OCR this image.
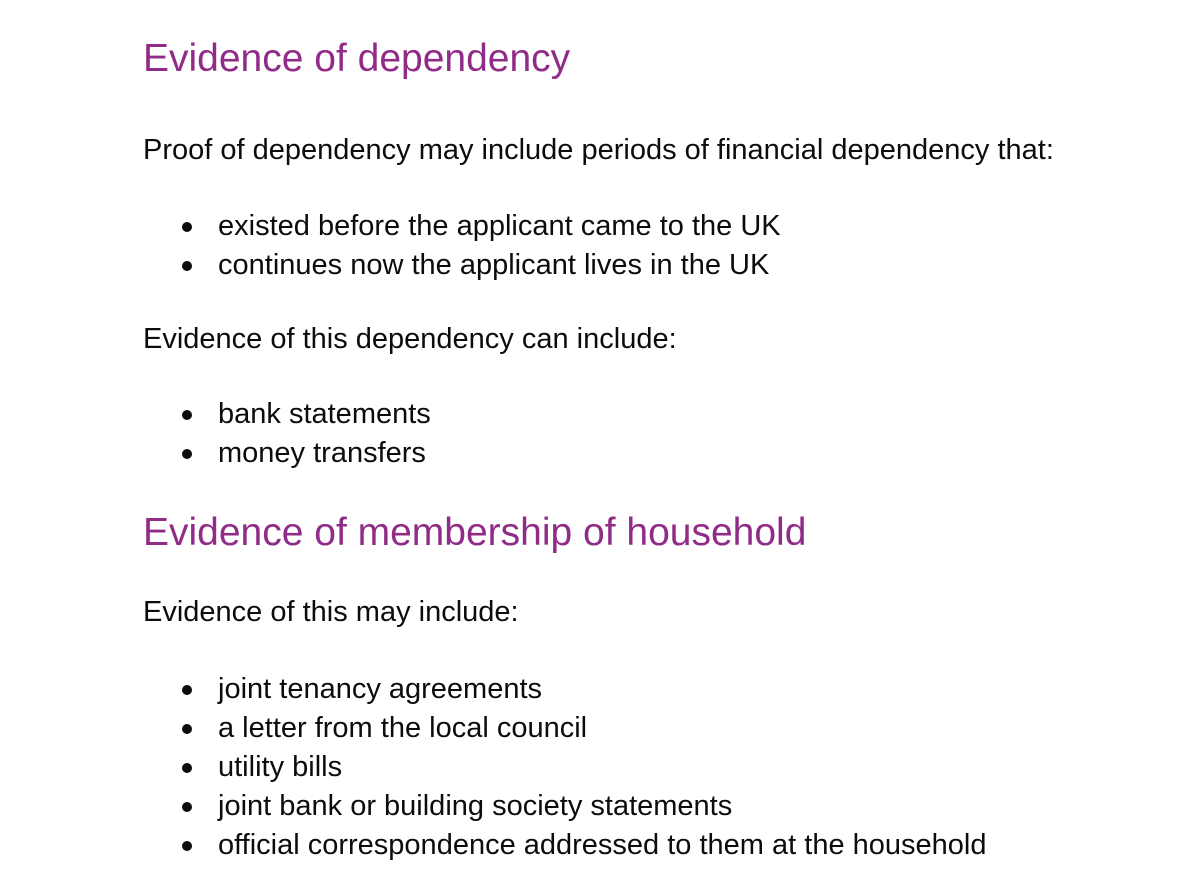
Evidence of dependency

Proof of dependency may include periods of financial dependency that:

existed before the applicant came to the UK
continues now the applicant lives in the UK

Evidence of this dependency can include:

bank statements
money transfers
Evidence of membership of household

Evidence of this may include:

joint tenancy agreements
a letter from the local council
utility bills
joint bank or building society statements
official correspondence addressed to them at the household
